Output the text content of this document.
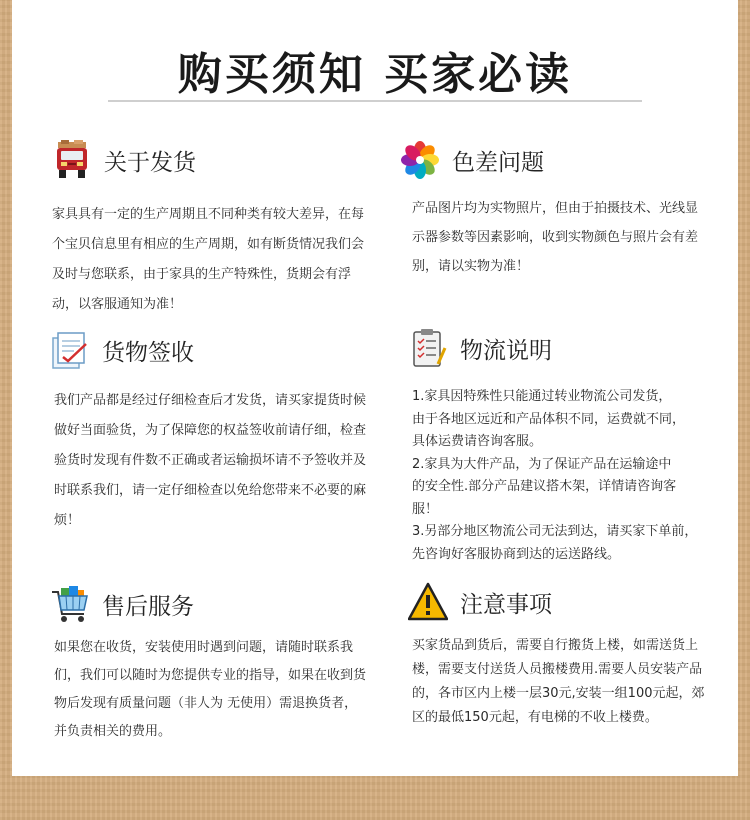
购买须知 买家必读
关于发货
家具具有一定的生产周期且不同种类有较大差异，在每个宝贝信息里有相应的生产周期，如有断货情况我们会及时与您联系，由于家具的生产特殊性，货期会有浮动，以客服通知为准！
色差问题
产品图片均为实物照片，但由于拍摄技术、光线显示器参数等因素影响，收到实物颜色与照片会有差别，请以实物为准！
货物签收
我们产品都是经过仔细检查后才发货，请买家提货时候做好当面验货，为了保障您的权益签收前请仔细，检查验货时发现有件数不正确或者运输损坏请不予签收并及时联系我们，请一定仔细检查以免给您带来不必要的麻烦！
物流说明
1.家具因特殊性只能通过转业物流公司发货，
由于各地区远近和产品体积不同，运费就不同，
具体运费请咨询客服。
2.家具为大件产品，为了保证产品在运输途中
的安全性.部分产品建议搭木架，详情请咨询客
服！
3.另部分地区物流公司无法到达，请买家下单前，
先咨询好客服协商到达的运送路线。
售后服务
如果您在收货，安装使用时遇到问题，请随时联系我们，我们可以随时为您提供专业的指导，如果在收到货物后发现有质量问题（非人为 无使用）需退换货者，并负责相关的费用。
注意事项
买家货品到货后，需要自行搬货上楼，如需送货上楼，需要支付送货人员搬楼费用.需要人员安装产品的，各市区内上楼一层30元,安装一组100元起，郊区的最低150元起，有电梯的不收上楼费。
